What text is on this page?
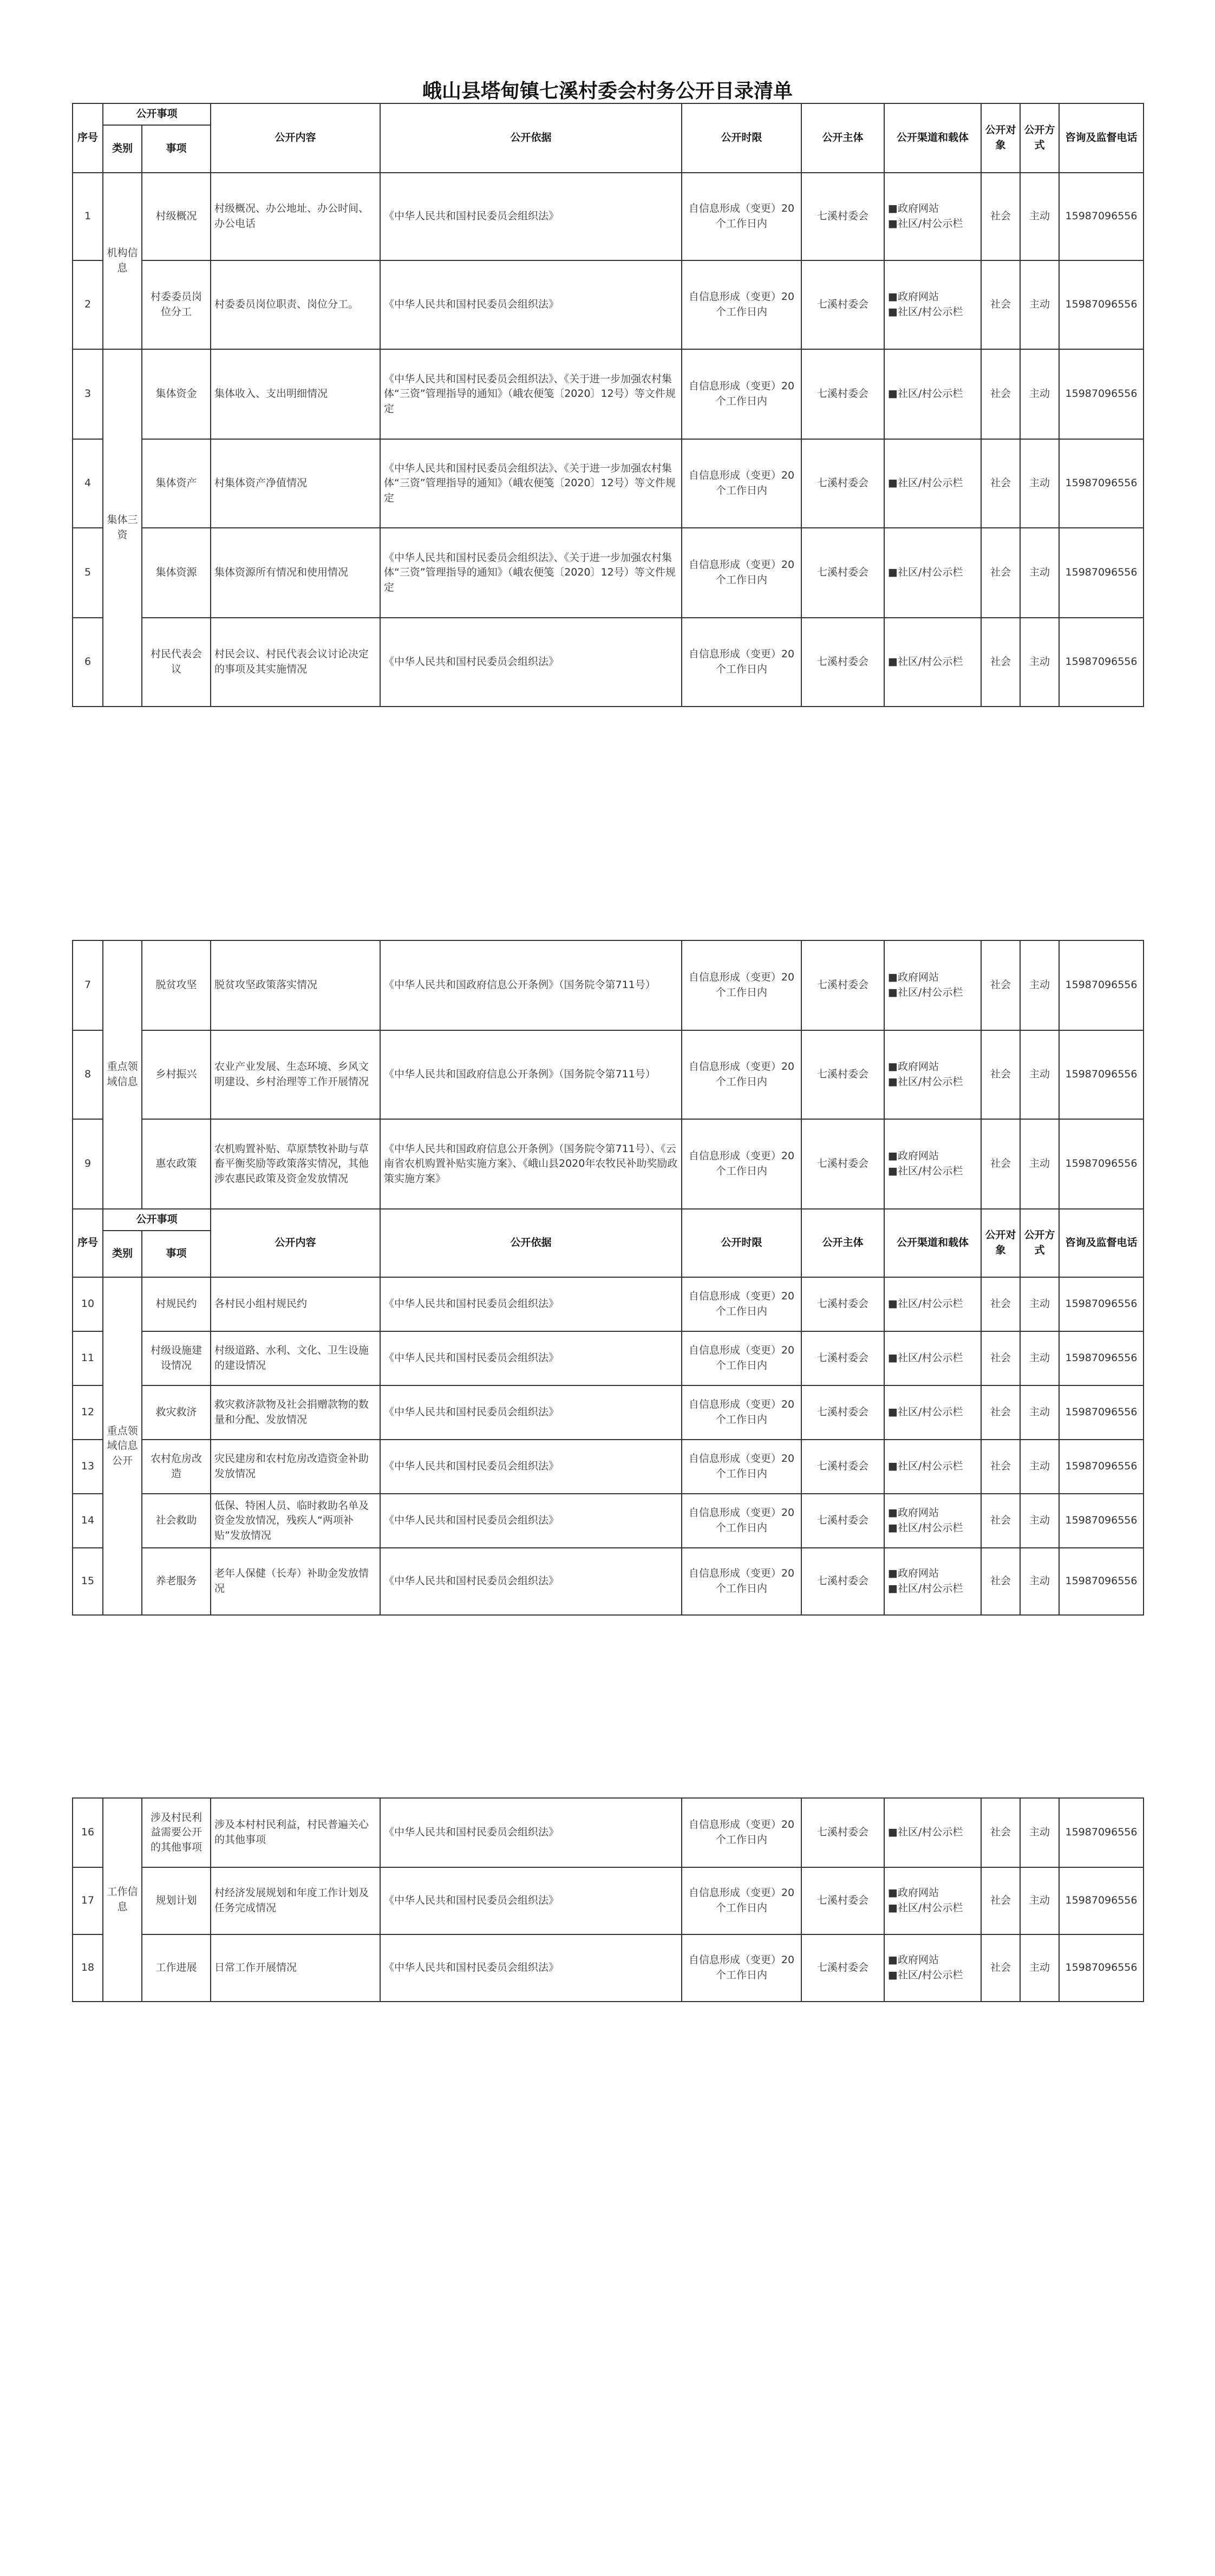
峨山县塔甸镇七溪村委会村务公开目录清单
序号	公开事项		公开内容	公开依据	公开时限	公开主体	公开渠道和载体	公开对象	公开方式	咨询及监督电话
	类别	事项								
1	机构信息	村级概况	村级概况、办公地址、办公时间、办公电话	《中华人民共和国村民委员会组织法》	自信息形成（变更）20个工作日内	七溪村委会	■政府网站
■社区/村公示栏	社会	主动	15987096556
2		村委委员岗位分工	村委委员岗位职责、岗位分工。	《中华人民共和国村民委员会组织法》	自信息形成（变更）20个工作日内	七溪村委会	■政府网站
■社区/村公示栏	社会	主动	15987096556
3	集体三资	集体资金	集体收入、支出明细情况	《中华人民共和国村民委员会组织法》、《关于进一步加强农村集体“三资”管理指导的通知》（峨农便笺〔2020〕12号）等文件规定	自信息形成（变更）20个工作日内	七溪村委会	■社区/村公示栏	社会	主动	15987096556
4		集体资产	村集体资产净值情况	《中华人民共和国村民委员会组织法》、《关于进一步加强农村集体“三资”管理指导的通知》（峨农便笺〔2020〕12号）等文件规定	自信息形成（变更）20个工作日内	七溪村委会	■社区/村公示栏	社会	主动	15987096556
5		集体资源	集体资源所有情况和使用情况	《中华人民共和国村民委员会组织法》、《关于进一步加强农村集体“三资”管理指导的通知》（峨农便笺〔2020〕12号）等文件规定	自信息形成（变更）20个工作日内	七溪村委会	■社区/村公示栏	社会	主动	15987096556
6		村民代表会议	村民会议、村民代表会议讨论决定的事项及其实施情况	《中华人民共和国村民委员会组织法》	自信息形成（变更）20个工作日内	七溪村委会	■社区/村公示栏	社会	主动	15987096556
7	重点领域信息	脱贫攻坚	脱贫攻坚政策落实情况	《中华人民共和国政府信息公开条例》（国务院令第711号）	自信息形成（变更）20个工作日内	七溪村委会	■政府网站
■社区/村公示栏	社会	主动	15987096556
8		乡村振兴	农业产业发展、生态环境、乡风文明建设、乡村治理等工作开展情况	《中华人民共和国政府信息公开条例》（国务院令第711号）	自信息形成（变更）20个工作日内	七溪村委会	■政府网站
■社区/村公示栏	社会	主动	15987096556
9		惠农政策	农机购置补贴、草原禁牧补助与草畜平衡奖励等政策落实情况，其他涉农惠民政策及资金发放情况	《中华人民共和国政府信息公开条例》（国务院令第711号）、《云南省农机购置补贴实施方案》、《峨山县2020年农牧民补助奖励政策实施方案》	自信息形成（变更）20个工作日内	七溪村委会	■政府网站
■社区/村公示栏	社会	主动	15987096556
序号	公开事项		公开内容	公开依据	公开时限	公开主体	公开渠道和载体	公开对象	公开方式	咨询及监督电话
	类别	事项								
10	重点领域信息公开	村规民约	各村民小组村规民约	《中华人民共和国村民委员会组织法》	自信息形成（变更）20个工作日内	七溪村委会	■社区/村公示栏	社会	主动	15987096556
11		村级设施建设情况	村级道路、水利、文化、卫生设施的建设情况	《中华人民共和国村民委员会组织法》	自信息形成（变更）20个工作日内	七溪村委会	■社区/村公示栏	社会	主动	15987096556
12		救灾救济	救灾救济款物及社会捐赠款物的数量和分配、发放情况	《中华人民共和国村民委员会组织法》	自信息形成（变更）20个工作日内	七溪村委会	■社区/村公示栏	社会	主动	15987096556
13		农村危房改造	灾民建房和农村危房改造资金补助发放情况	《中华人民共和国村民委员会组织法》	自信息形成（变更）20个工作日内	七溪村委会	■社区/村公示栏	社会	主动	15987096556
14		社会救助	低保、特困人员、临时救助名单及资金发放情况，残疾人“两项补贴”发放情况	《中华人民共和国村民委员会组织法》	自信息形成（变更）20个工作日内	七溪村委会	■政府网站
■社区/村公示栏	社会	主动	15987096556
15		养老服务	老年人保健（长寿）补助金发放情况	《中华人民共和国村民委员会组织法》	自信息形成（变更）20个工作日内	七溪村委会	■政府网站
■社区/村公示栏	社会	主动	15987096556
16	工作信息	涉及村民利益需要公开的其他事项	涉及本村村民利益，村民普遍关心的其他事项	《中华人民共和国村民委员会组织法》	自信息形成（变更）20个工作日内	七溪村委会	■社区/村公示栏	社会	主动	15987096556
17		规划计划	村经济发展规划和年度工作计划及任务完成情况	《中华人民共和国村民委员会组织法》	自信息形成（变更）20个工作日内	七溪村委会	■政府网站
■社区/村公示栏	社会	主动	15987096556
18		工作进展	日常工作开展情况	《中华人民共和国村民委员会组织法》	自信息形成（变更）20个工作日内	七溪村委会	■政府网站
■社区/村公示栏	社会	主动	15987096556
